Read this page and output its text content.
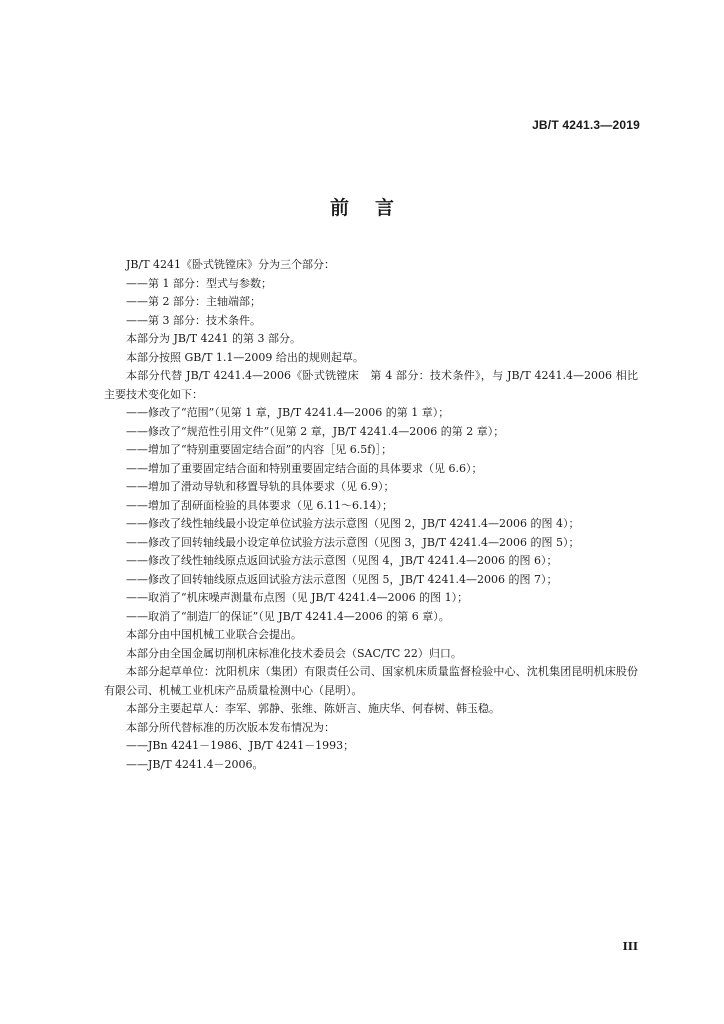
JB/T 4241.3—2019
前言

JB/T 4241《卧式铣镗床》分为三个部分：

——第 1 部分：型式与参数；

——第 2 部分：主轴端部；

——第 3 部分：技术条件。

本部分为 JB/T 4241 的第 3 部分。

本部分按照 GB/T 1.1—2009 给出的规则起草。

本部分代替 JB/T 4241.4—2006《卧式铣镗床　第 4 部分：技术条件》，与 JB/T 4241.4—2006 相比主要技术变化如下：

——修改了“范围”（见第 1 章，JB/T 4241.4—2006 的第 1 章）；

——修改了“规范性引用文件”（见第 2 章，JB/T 4241.4—2006 的第 2 章）；

——增加了“特别重要固定结合面”的内容［见 6.5f)］；

——增加了重要固定结合面和特别重要固定结合面的具体要求（见 6.6）；

——增加了滑动导轨和移置导轨的具体要求（见 6.9）；

——增加了刮研面检验的具体要求（见 6.11～6.14）；

——修改了线性轴线最小设定单位试验方法示意图（见图 2，JB/T 4241.4—2006 的图 4）；

——修改了回转轴线最小设定单位试验方法示意图（见图 3，JB/T 4241.4—2006 的图 5）；

——修改了线性轴线原点返回试验方法示意图（见图 4，JB/T 4241.4—2006 的图 6）；

——修改了回转轴线原点返回试验方法示意图（见图 5，JB/T 4241.4—2006 的图 7）；

——取消了“机床噪声测量布点图（见 JB/T 4241.4—2006 的图 1）；

——取消了“制造厂的保证”（见 JB/T 4241.4—2006 的第 6 章）。

本部分由中国机械工业联合会提出。

本部分由全国金属切削机床标准化技术委员会（SAC/TC 22）归口。

本部分起草单位：沈阳机床（集团）有限责任公司、国家机床质量监督检验中心、沈机集团昆明机床股份有限公司、机械工业机床产品质量检测中心（昆明）。

本部分主要起草人：李军、郭静、张维、陈妍言、施庆华、何春树、韩玉稳。

本部分所代替标准的历次版本发布情况为：

——JBn 4241－1986、JB/T 4241－1993；

——JB/T 4241.4－2006。

III
